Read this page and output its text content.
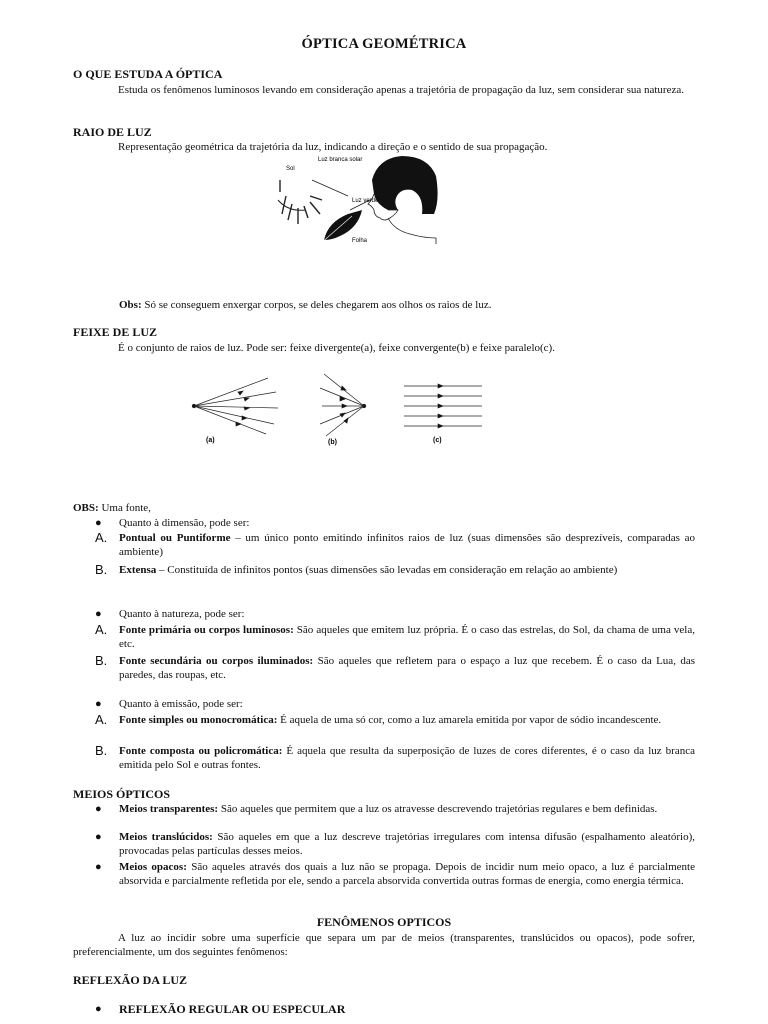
ÓPTICA GEOMÉTRICA
O QUE ESTUDA A ÓPTICA
Estuda os fenômenos luminosos levando em consideração apenas a trajetória de propagação da luz, sem considerar sua natureza.
RAIO DE LUZ
Representação geométrica da trajetória da luz, indicando a direção e o sentido de sua propagação.
Sol
Luz branca solar
Luz verde
Folha
Obs: Só se conseguem enxergar corpos, se deles chegarem aos olhos os raios de luz.
FEIXE DE LUZ
É o conjunto de raios de luz. Pode ser: feixe divergente(a), feixe convergente(b) e feixe paralelo(c).
(a)	(b)	(c)
OBS: Uma fonte,
● Quanto à dimensão, pode ser:
A. Pontual ou Puntiforme – um único ponto emitindo infinitos raios de luz (suas dimensões são desprezíveis, comparadas ao ambiente)
B. Extensa – Constituída de infinitos pontos (suas dimensões são levadas em consideração em relação ao ambiente)
● Quanto à natureza, pode ser:
A. Fonte primária ou corpos luminosos: São aqueles que emitem luz própria. É o caso das estrelas, do Sol, da chama de uma vela, etc.
B. Fonte secundária ou corpos iluminados: São aqueles que refletem para o espaço a luz que recebem. É o caso da Lua, das paredes, das roupas, etc.
● Quanto à emissão, pode ser:
A. Fonte simples ou monocromática: É aquela de uma só cor, como a luz amarela emitida por vapor de sódio incandescente.
B. Fonte composta ou policromática: É aquela que resulta da superposição de luzes de cores diferentes, é o caso da luz branca emitida pelo Sol e outras fontes.
MEIOS ÓPTICOS
● Meios transparentes: São aqueles que permitem que a luz os atravesse descrevendo trajetórias regulares e bem definidas.
● Meios translúcidos: São aqueles em que a luz descreve trajetórias irregulares com intensa difusão (espalhamento aleatório), provocadas pelas partículas desses meios.
● Meios opacos: São aqueles através dos quais a luz não se propaga. Depois de incidir num meio opaco, a luz é parcialmente absorvida e parcialmente refletida por ele, sendo a parcela absorvida convertida outras formas de energia, como energia térmica.
FENÔMENOS OPTICOS
A luz ao incidir sobre uma superfície que separa um par de meios (transparentes, translúcidos ou opacos), pode sofrer, preferencialmente, um dos seguintes fenômenos:
REFLEXÃO DA LUZ
● REFLEXÃO REGULAR OU ESPECULAR
